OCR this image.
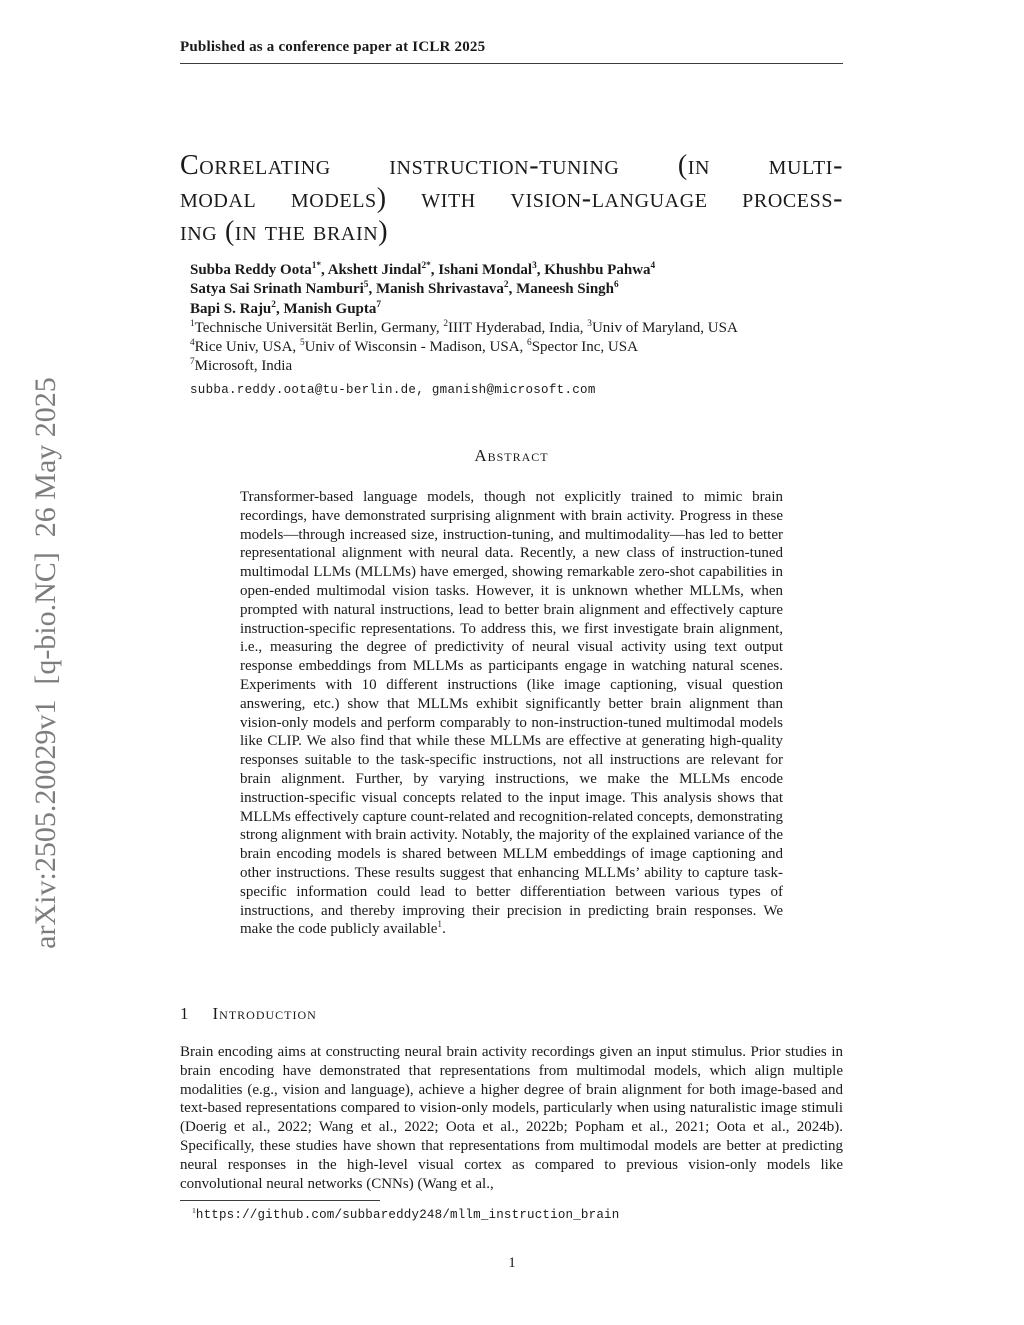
arXiv:2505.20029v1  [q-bio.NC]  26 May 2025
Published as a conference paper at ICLR 2025
Correlating instruction-tuning (in multi-
modal models) with vision-language process-
ing (in the brain)
Subba Reddy Oota$^{1*}$, Akshett Jindal$^{2*}$, Ishani Mondal$^3$, Khushbu Pahwa$^4$
Satya Sai Srinath Namburi$^5$, Manish Shrivastava$^2$, Maneesh Singh$^6$
Bapi S. Raju$^2$, Manish Gupta$^7$
$^1$Technische Universität Berlin, Germany, $^2$IIIT Hyderabad, India, $^3$Univ of Maryland, USA
$^4$Rice Univ, USA, $^5$Univ of Wisconsin - Madison, USA, $^6$Spector Inc, USA
$^7$Microsoft, India
subba.reddy.oota@tu-berlin.de, gmanish@microsoft.com
Abstract

Transformer-based language models, though not explicitly trained to mimic brain recordings, have demonstrated surprising alignment with brain activity. Progress in these models—through increased size, instruction-tuning, and multimodality—has led to better representational alignment with neural data. Recently, a new class of instruction-tuned multimodal LLMs (MLLMs) have emerged, showing remarkable zero-shot capabilities in open-ended multimodal vision tasks. However, it is unknown whether MLLMs, when prompted with natural instructions, lead to better brain alignment and effectively capture instruction-specific representations. To address this, we first investigate brain alignment, i.e., measuring the degree of predictivity of neural visual activity using text output response embeddings from MLLMs as participants engage in watching natural scenes. Experiments with 10 different instructions (like image captioning, visual question answering, etc.) show that MLLMs exhibit significantly better brain alignment than vision-only models and perform comparably to non-instruction-tuned multimodal models like CLIP. We also find that while these MLLMs are effective at generating high-quality responses suitable to the task-specific instructions, not all instructions are relevant for brain alignment. Further, by varying instructions, we make the MLLMs encode instruction-specific visual concepts related to the input image. This analysis shows that MLLMs effectively capture count-related and recognition-related concepts, demonstrating strong alignment with brain activity. Notably, the majority of the explained variance of the brain encoding models is shared between MLLM embeddings of image captioning and other instructions. These results suggest that enhancing MLLMs’ ability to capture task-specific information could lead to better differentiation between various types of instructions, and thereby improving their precision in predicting brain responses. We make the code publicly available$^1$.

1 Introduction

Brain encoding aims at constructing neural brain activity recordings given an input stimulus. Prior studies in brain encoding have demonstrated that representations from multimodal models, which align multiple modalities (e.g., vision and language), achieve a higher degree of brain alignment for both image-based and text-based representations compared to vision-only models, particularly when using naturalistic image stimuli (Doerig et al., 2022; Wang et al., 2022; Oota et al., 2022b; Popham et al., 2021; Oota et al., 2024b). Specifically, these studies have shown that representations from multimodal models are better at predicting neural responses in the high-level visual cortex as compared to previous vision-only models like convolutional neural networks (CNNs) (Wang et al.,

$^1$https://github.com/subbareddy248/mllm_instruction_brain
1
